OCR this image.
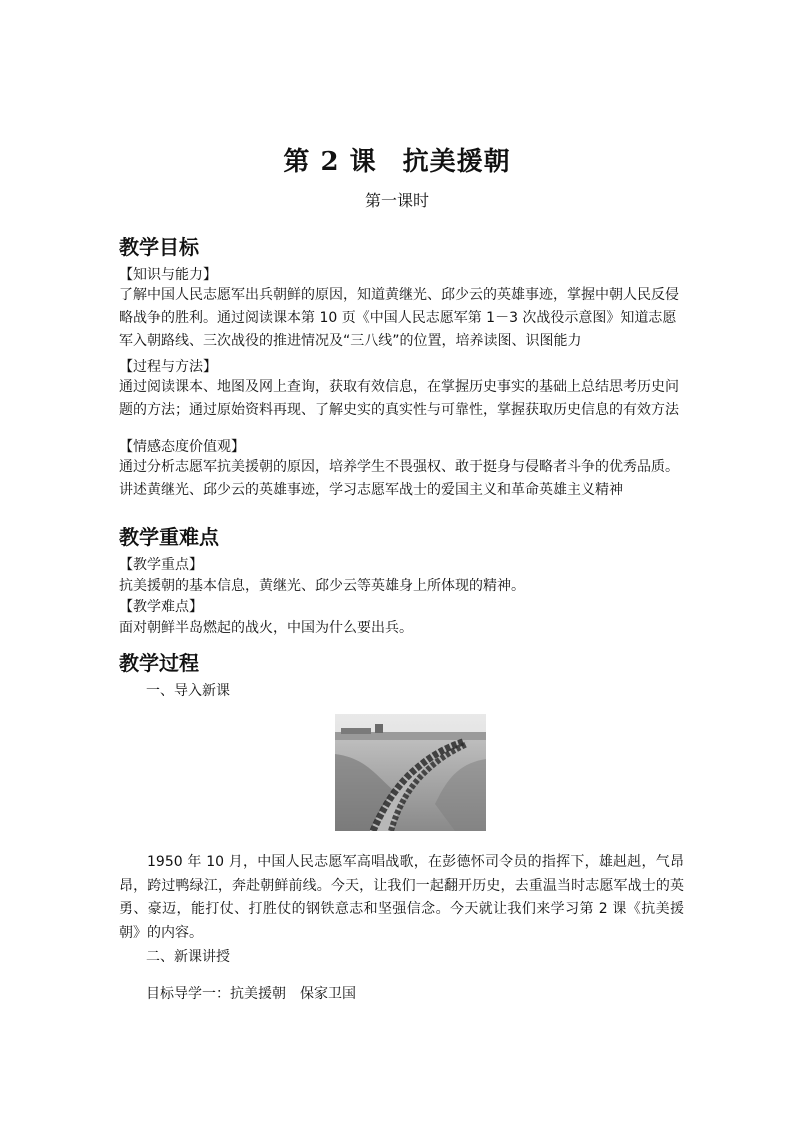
第 2 课 抗美援朝
第一课时
教学目标
【知识与能力】
了解中国人民志愿军出兵朝鲜的原因，知道黄继光、邱少云的英雄事迹，掌握中朝人民反侵
略战争的胜利。通过阅读课本第 10 页《中国人民志愿军第 1－3 次战役示意图》知道志愿
军入朝路线、三次战役的推进情况及“三八线”的位置，培养读图、识图能力
【过程与方法】
通过阅读课本、地图及网上查询，获取有效信息，在掌握历史事实的基础上总结思考历史问
题的方法；通过原始资料再现、了解史实的真实性与可靠性，掌握获取历史信息的有效方法
【情感态度价值观】
通过分析志愿军抗美援朝的原因，培养学生不畏强权、敢于挺身与侵略者斗争的优秀品质。
讲述黄继光、邱少云的英雄事迹，学习志愿军战士的爱国主义和革命英雄主义精神
教学重难点
【教学重点】
抗美援朝的基本信息，黄继光、邱少云等英雄身上所体现的精神。
【教学难点】
面对朝鲜半岛燃起的战火，中国为什么要出兵。
教学过程
一、导入新课
1950 年 10 月，中国人民志愿军高唱战歌，在彭德怀司令员的指挥下，雄赳赳，气昂昂，跨过鸭绿江，奔赴朝鲜前线。今天，让我们一起翻开历史，去重温当时志愿军战士的英勇、豪迈，能打仗、打胜仗的钢铁意志和坚强信念。今天就让我们来学习第 2 课《抗美援朝》的内容。
二、新课讲授
目标导学一：抗美援朝　保家卫国
